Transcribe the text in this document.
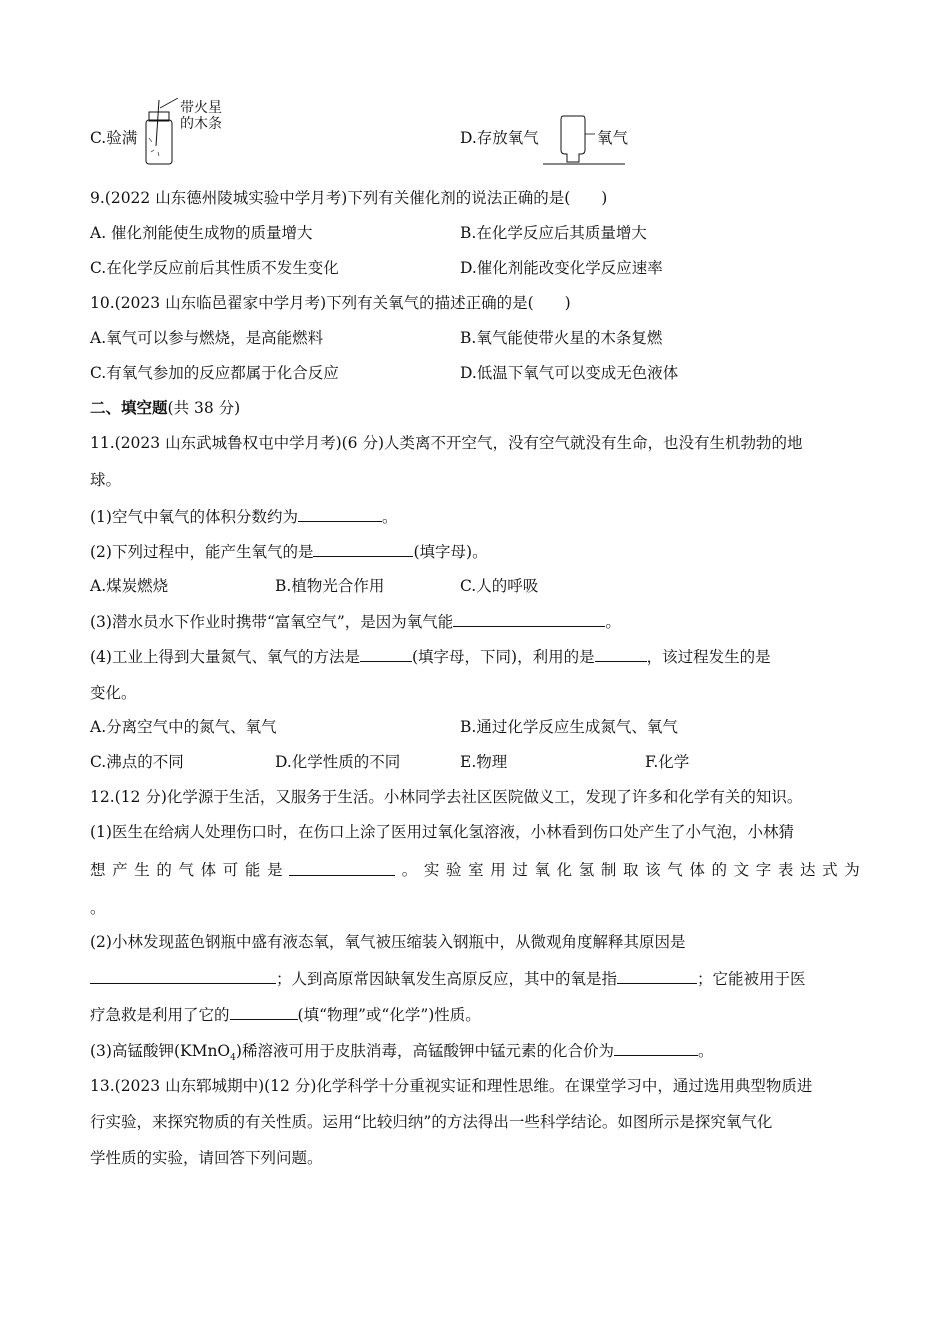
C.验满
带火星
的木条
D.存放氧气	氧气
9.(2022 山东德州陵城实验中学月考)下列有关催化剂的说法正确的是(　　)
A. 催化剂能使生成物的质量增大	B.在化学反应后其质量增大
C.在化学反应前后其性质不发生变化	D.催化剂能改变化学反应速率
10.(2023 山东临邑翟家中学月考)下列有关氧气的描述正确的是(　　)
A.氧气可以参与燃烧，是高能燃料	B.氧气能使带火星的木条复燃
C.有氧气参加的反应都属于化合反应	D.低温下氧气可以变成无色液体
二、填空题(共 38 分)
11.(2023 山东武城鲁权屯中学月考)(6 分)人类离不开空气，没有空气就没有生命，也没有生机勃勃的地
球。
(1)空气中氧气的体积分数约为	。
(2)下列过程中，能产生氧气的是	(填字母)。
A.煤炭燃烧	B.植物光合作用	C.人的呼吸
(3)潜水员水下作业时携带“富氧空气”，是因为氧气能	。
(4)工业上得到大量氮气、氧气的方法是	(填字母，下同)，利用的是	，该过程发生的是
变化。
A.分离空气中的氮气、氧气	B.通过化学反应生成氮气、氧气
C.沸点的不同	D.化学性质的不同	E.物理	F.化学
12.(12 分)化学源于生活，又服务于生活。小林同学去社区医院做义工，发现了许多和化学有关的知识。
(1)医生在给病人处理伤口时，在伤口上涂了医用过氧化氢溶液，小林看到伤口处产生了小气泡，小林猜
想 产 生 的 气 体 可 能 是	。 实 验 室 用 过 氧 化 氢 制 取 该 气 体 的 文 字 表 达 式 为
。
(2)小林发现蓝色钢瓶中盛有液态氧，氧气被压缩装入钢瓶中，从微观角度解释其原因是
；人到高原常因缺氧发生高原反应，其中的氧是指	；它能被用于医
疗急救是利用了它的	(填“物理”或“化学”)性质。
(3)高锰酸钾(KMnO$_4$)稀溶液可用于皮肤消毒，高锰酸钾中锰元素的化合价为	。
13.(2023 山东郓城期中)(12 分)化学科学十分重视实证和理性思维。在课堂学习中，通过选用典型物质进
行实验，来探究物质的有关性质。运用“比较归纳”的方法得出一些科学结论。如图所示是探究氧气化
学性质的实验，请回答下列问题。
